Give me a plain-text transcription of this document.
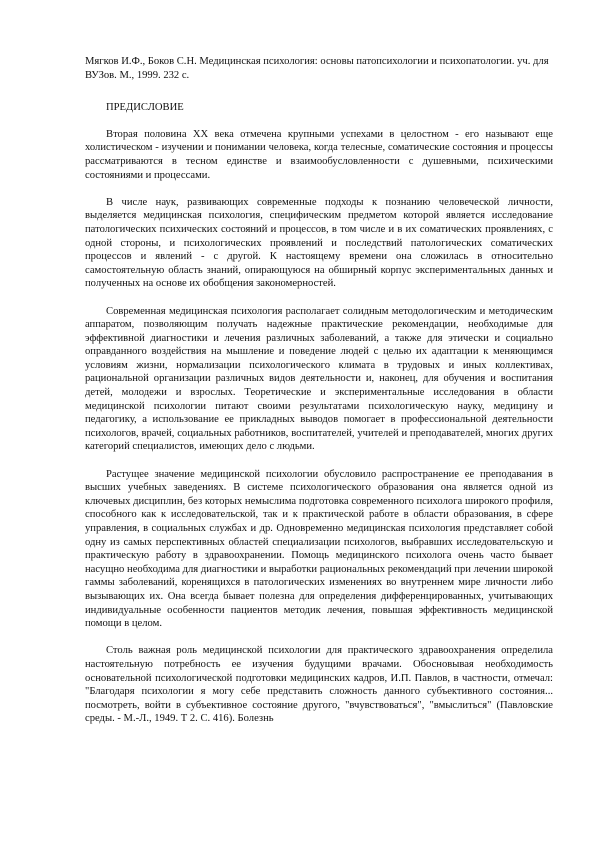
Мягков И.Ф., Боков С.Н. Медицинская психология: основы патопсихологии и психопатологии. уч. для ВУЗов. М., 1999. 232 с.

ПРЕДИСЛОВИЕ

Вторая половина XX века отмечена крупными успехами в целостном - его называют еще холистическом - изучении и понимании человека, когда телесные, соматические состояния и процессы рассматриваются в тесном единстве и взаимообусловленности с душевными, психическими состояниями и процессами.

В числе наук, развивающих современные подходы к познанию человеческой личности, выделяется медицинская психология, специфическим предметом которой является исследование патологических психических состояний и процессов, в том числе и в их соматических проявлениях, с одной стороны, и психологических проявлений и последствий патологических соматических процессов и явлений - с другой. К настоящему времени она сложилась в относительно самостоятельную область знаний, опирающуюся на обширный корпус экспериментальных данных и полученных на основе их обобщения закономерностей.

Современная медицинская психология располагает солидным методологическим и методическим аппаратом, позволяющим получать надежные практические рекомендации, необходимые для эффективной диагностики и лечения различных заболеваний, а также для этически и социально оправданного воздействия на мышление и поведение людей с целью их адаптации к меняющимся условиям жизни, нормализации психологического климата в трудовых и иных коллективах, рациональной организации различных видов деятельности и, наконец, для обучения и воспитания детей, молодежи и взрослых. Теоретические и экспериментальные исследования в области медицинской психологии питают своими результатами психологическую науку, медицину и педагогику, а использование ее прикладных выводов помогает в профессиональной деятельности психологов, врачей, социальных работников, воспитателей, учителей и преподавателей, многих других категорий специалистов, имеющих дело с людьми.

Растущее значение медицинской психологии обусловило распространение ее преподавания в высших учебных заведениях. В системе психологического образования она является одной из ключевых дисциплин, без которых немыслима подготовка современного психолога широкого профиля, способного как к исследовательской, так и к практической работе в области образования, в сфере управления, в социальных службах и др. Одновременно медицинская психология представляет собой одну из самых перспективных областей специализации психологов, выбравших исследовательскую и практическую работу в здравоохранении. Помощь медицинского психолога очень часто бывает насущно необходима для диагностики и выработки рациональных рекомендаций при лечении широкой гаммы заболеваний, коренящихся в патологических изменениях во внутреннем мире личности либо вызывающих их. Она всегда бывает полезна для определения дифференцированных, учитывающих индивидуальные особенности пациентов методик лечения, повышая эффективность медицинской помощи в целом.

Столь важная роль медицинской психологии для практического здравоохранения определила настоятельную потребность ее изучения будущими врачами. Обосновывая необходимость основательной психологической подготовки медицинских кадров, И.П. Павлов, в частности, отмечал: "Благодаря психологии я могу себе представить сложность данного субъективного состояния... посмотреть, войти в субъективное состояние другого, "вчувствоваться", "вмыслиться" (Павловские среды. - М.-Л., 1949. Т 2. С. 416). Болезнь
